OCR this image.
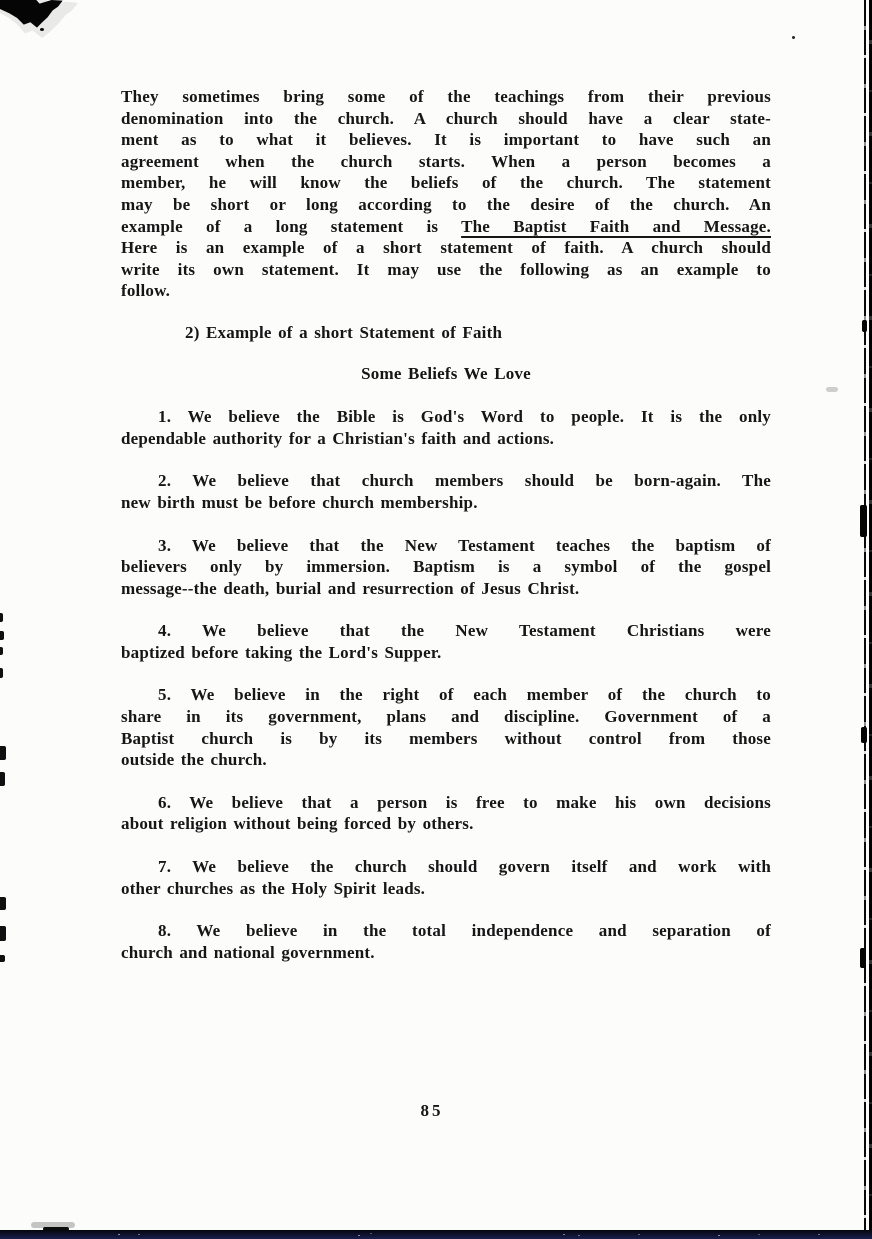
They sometimes bring some of the teachings from their previous
denomination into the church. A church should have a clear state-
ment as to what it believes. It is important to have such an
agreement when the church starts. When a person becomes a
member, he will know the beliefs of the church. The statement
may be short or long according to the desire of the church. An
example of a long statement is The Baptist Faith and Message.
Here is an example of a short statement of faith. A church should
write its own statement. It may use the following as an example to
follow.
2) Example of a short Statement of Faith
Some Beliefs We Love
1. We believe the Bible is God's Word to people. It is the only
dependable authority for a Christian's faith and actions.
2. We believe that church members should be born-again. The
new birth must be before church membership.
3. We believe that the New Testament teaches the baptism of
believers only by immersion. Baptism is a symbol of the gospel
message--the death, burial and resurrection of Jesus Christ.
4. We believe that the New Testament Christians were
baptized before taking the Lord's Supper.
5. We believe in the right of each member of the church to
share in its government, plans and discipline. Government of a
Baptist church is by its members without control from those
outside the church.
6. We believe that a person is free to make his own decisions
about religion without being forced by others.
7. We believe the church should govern itself and work with
other churches as the Holy Spirit leads.
8. We believe in the total independence and separation of
church and national government.
85
